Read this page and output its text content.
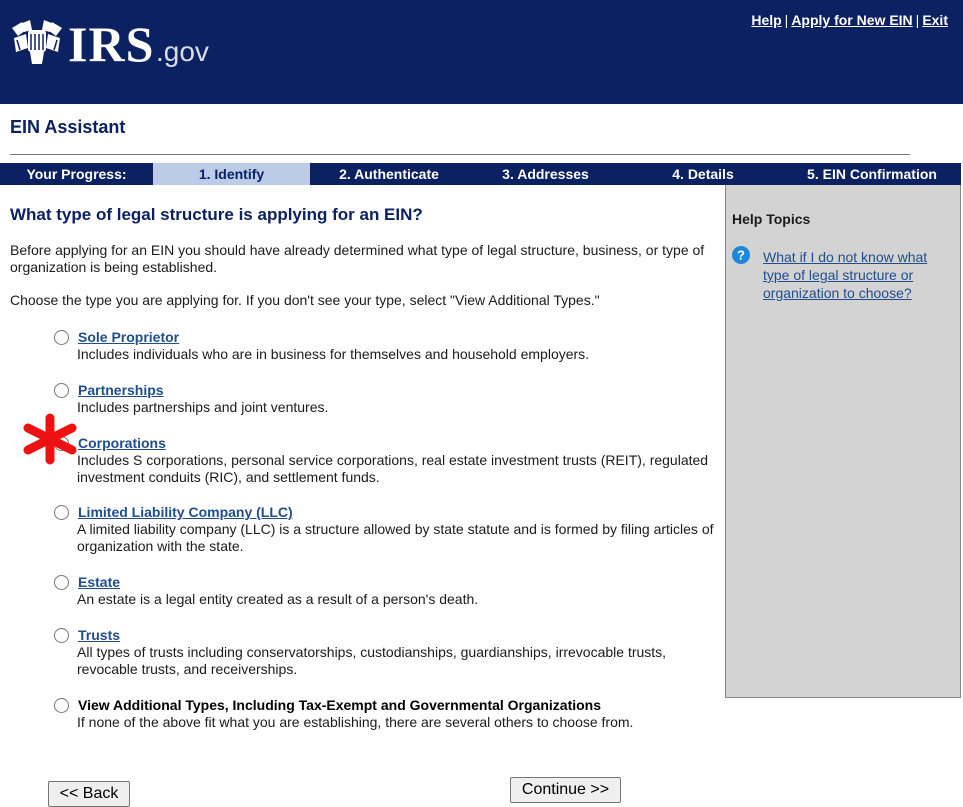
IRS .gov
Help | Apply for New EIN | Exit
EIN Assistant
Your Progress:	1. Identify	2. Authenticate	3. Addresses	4. Details	5. EIN Confirmation
What type of legal structure is applying for an EIN?
Before applying for an EIN you should have already determined what type of legal structure, business, or type of organization is being established.
Choose the type you are applying for. If you don't see your type, select "View Additional Types."
Sole Proprietor
Includes individuals who are in business for themselves and household employers.
Partnerships
Includes partnerships and joint ventures.
Corporations
Includes S corporations, personal service corporations, real estate investment trusts (REIT), regulated investment conduits (RIC), and settlement funds.
Limited Liability Company (LLC)
A limited liability company (LLC) is a structure allowed by state statute and is formed by filing articles of organization with the state.
Estate
An estate is a legal entity created as a result of a person's death.
Trusts
All types of trusts including conservatorships, custodianships, guardianships, irrevocable trusts, revocable trusts, and receiverships.
View Additional Types, Including Tax-Exempt and Governmental Organizations
If none of the above fit what you are establishing, there are several others to choose from.
Help Topics
? What if I do not know what type of legal structure or organization to choose?
<< Back	Continue >>
